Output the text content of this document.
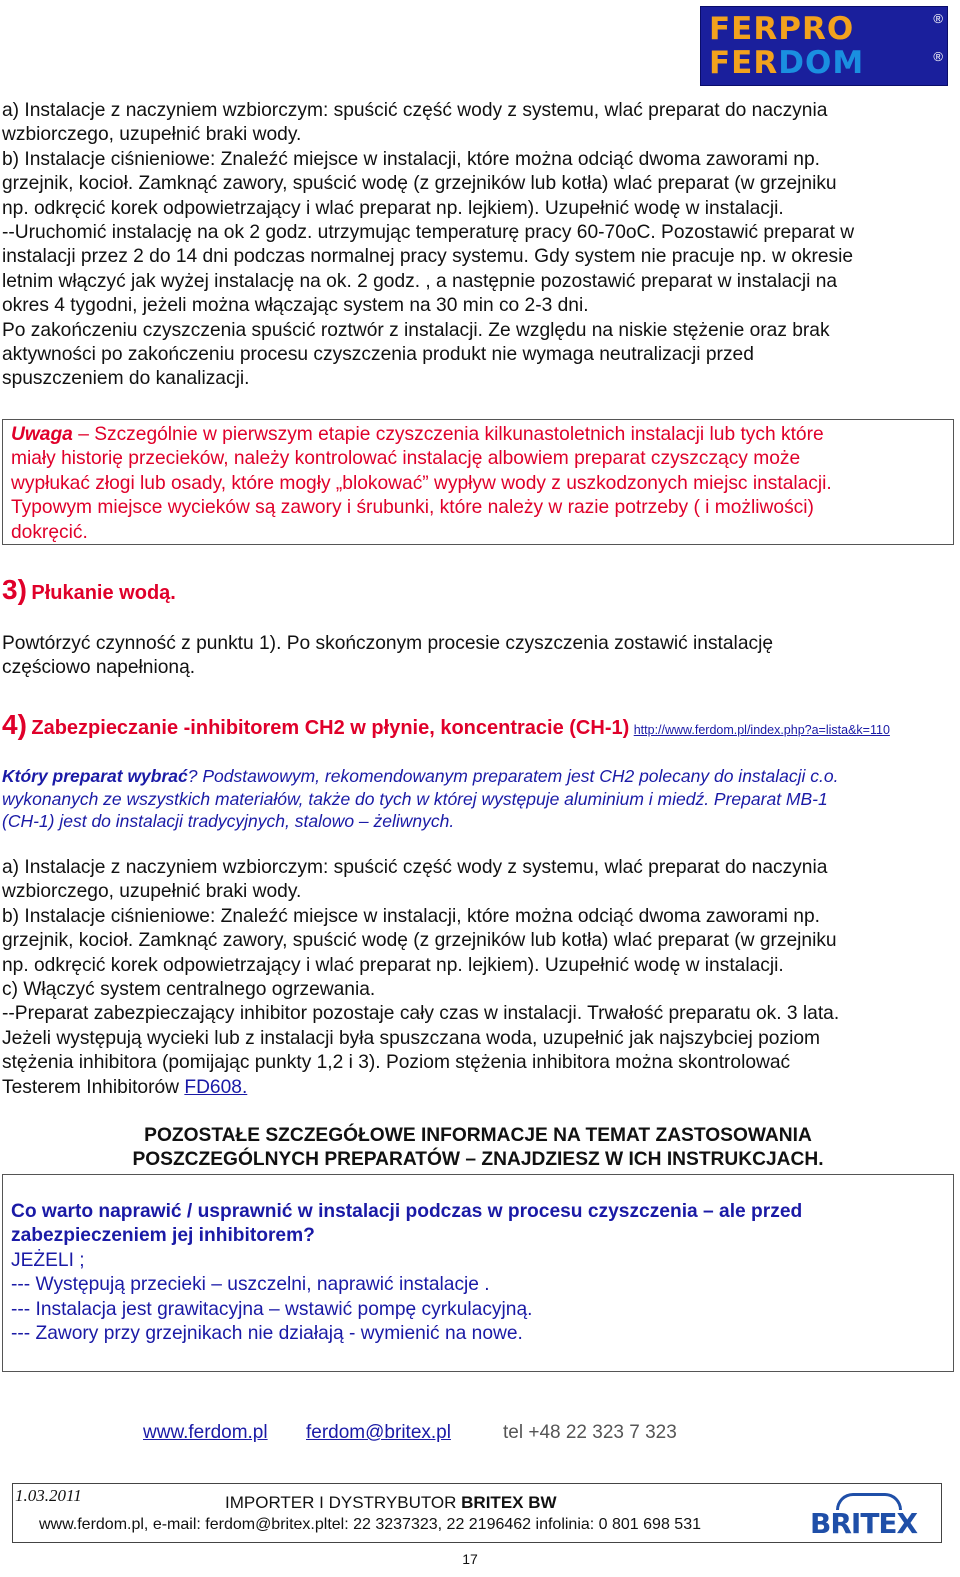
FERPRO	®
FERDOM	®
a) Instalacje z naczyniem wzbiorczym: spuścić część wody z systemu, wlać preparat do naczynia
wzbiorczego, uzupełnić braki wody.
b) Instalacje ciśnieniowe: Znaleźć miejsce w instalacji, które można odciąć dwoma zaworami np.
grzejnik, kocioł. Zamknąć zawory, spuścić wodę (z grzejników lub kotła) wlać preparat (w grzejniku
np. odkręcić korek odpowietrzający i wlać preparat np. lejkiem). Uzupełnić wodę w instalacji.
--Uruchomić instalację na ok 2 godz. utrzymując temperaturę pracy 60-70oC. Pozostawić preparat w
instalacji przez 2 do 14 dni podczas normalnej pracy systemu. Gdy system nie pracuje np. w okresie
letnim włączyć jak wyżej instalację na ok. 2 godz. , a następnie pozostawić preparat w instalacji na
okres 4 tygodni, jeżeli można włączając system na 30 min co 2-3 dni.
Po zakończeniu czyszczenia spuścić roztwór z instalacji. Ze względu na niskie stężenie oraz brak
aktywności po zakończeniu procesu czyszczenia produkt nie wymaga neutralizacji przed
spuszczeniem do kanalizacji.
Uwaga – Szczególnie w pierwszym etapie czyszczenia kilkunastoletnich instalacji lub tych które
miały historię przecieków, należy kontrolować instalację albowiem preparat czyszczący może
wypłukać złogi lub osady, które mogły „blokować” wypływ wody z uszkodzonych miejsc instalacji.
Typowym miejsce wycieków są zawory i śrubunki, które należy w razie potrzeby ( i możliwości)
dokręcić.
3) Płukanie wodą.
Powtórzyć czynność z punktu 1). Po skończonym procesie czyszczenia zostawić instalację
częściowo napełnioną.
4) Zabezpieczanie -inhibitorem CH2 w płynie, koncentracie (CH-1) http://www.ferdom.pl/index.php?a=lista&k=110
Który preparat wybrać? Podstawowym, rekomendowanym preparatem jest CH2 polecany do instalacji c.o.
wykonanych ze wszystkich materiałów, także do tych w której występuje aluminium i miedź. Preparat MB-1
(CH-1) jest do instalacji tradycyjnych, stalowo – żeliwnych.
a) Instalacje z naczyniem wzbiorczym: spuścić część wody z systemu, wlać preparat do naczynia
wzbiorczego, uzupełnić braki wody.
b) Instalacje ciśnieniowe: Znaleźć miejsce w instalacji, które można odciąć dwoma zaworami np.
grzejnik, kocioł. Zamknąć zawory, spuścić wodę (z grzejników lub kotła) wlać preparat (w grzejniku
np. odkręcić korek odpowietrzający i wlać preparat np. lejkiem). Uzupełnić wodę w instalacji.
c) Włączyć system centralnego ogrzewania.
--Preparat zabezpieczający inhibitor pozostaje cały czas w instalacji. Trwałość preparatu ok. 3 lata.
Jeżeli występują wycieki lub z instalacji była spuszczana woda, uzupełnić jak najszybciej poziom
stężenia inhibitora (pomijając punkty 1,2 i 3). Poziom stężenia inhibitora można skontrolować
Testerem Inhibitorów FD608.
POZOSTAŁE SZCZEGÓŁOWE INFORMACJE NA TEMAT ZASTOSOWANIA
POSZCZEGÓLNYCH PREPARATÓW – ZNAJDZIESZ W ICH INSTRUKCJACH.
Co warto naprawić / usprawnić w instalacji podczas w procesu czyszczenia – ale przed
zabezpieczeniem jej inhibitorem?
JEŻELI ;
--- Występują przecieki – uszczelni, naprawić instalacje .
--- Instalacja jest grawitacyjna – wstawić pompę cyrkulacyjną.
--- Zawory przy grzejnikach nie działają - wymienić na nowe.
www.ferdom.pl ferdom@britex.pl	tel +48 22 323 7 323
1.03.2011	IMPORTER I DYSTRYBUTOR BRITEX BW
www.ferdom.pl, e-mail: ferdom@britex.pltel: 22 3237323, 22 2196462 infolinia: 0 801 698 531	BRITEX
17
